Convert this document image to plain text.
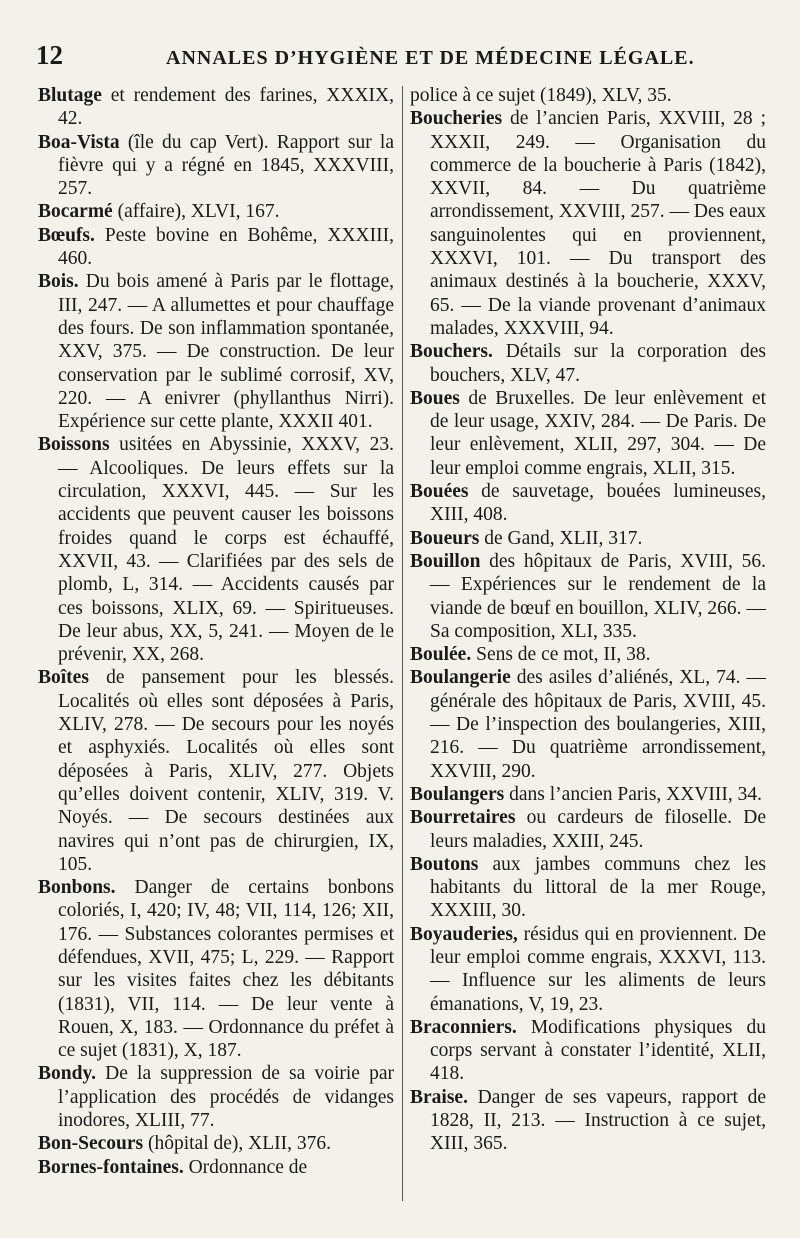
12	ANNALES D’HYGIÈNE ET DE MÉDECINE LÉGALE.

Blutage et rendement des farines, XXXIX, 42.

Boa-Vista (île du cap Vert). Rapport sur la fièvre qui y a régné en 1845, XXXVIII, 257.

Bocarmé (affaire), XLVI, 167.

Bœufs. Peste bovine en Bohême, XXXIII, 460.

Bois. Du bois amené à Paris par le flottage, III, 247. — A allumettes et pour chauffage des fours. De son inflammation spontanée, XXV, 375. — De construction. De leur conservation par le sublimé corrosif, XV, 220. — A enivrer (phyllanthus Nirri). Expérience sur cette plante, XXXII 401.

Boissons usitées en Abyssinie, XXXV, 23. — Alcooliques. De leurs effets sur la circulation, XXXVI, 445. — Sur les accidents que peuvent causer les boissons froides quand le corps est échauffé, XXVII, 43. — Clarifiées par des sels de plomb, L, 314. — Accidents causés par ces boissons, XLIX, 69. — Spiritueuses. De leur abus, XX, 5, 241. — Moyen de le prévenir, XX, 268.

Boîtes de pansement pour les blessés. Localités où elles sont déposées à Paris, XLIV, 278. — De secours pour les noyés et asphyxiés. Localités où elles sont déposées à Paris, XLIV, 277. Objets qu’elles doivent contenir, XLIV, 319. V. Noyés. — De secours destinées aux navires qui n’ont pas de chirurgien, IX, 105.

Bonbons. Danger de certains bonbons coloriés, I, 420; IV, 48; VII, 114, 126; XII, 176. — Substances colorantes permises et défendues, XVII, 475; L, 229. — Rapport sur les visites faites chez les débitants (1831), VII, 114. — De leur vente à Rouen, X, 183. — Ordonnance du préfet à ce sujet (1831), X, 187.

Bondy. De la suppression de sa voirie par l’application des procédés de vidanges inodores, XLIII, 77.

Bon-Secours (hôpital de), XLII, 376.

Bornes-fontaines. Ordonnance de

police à ce sujet (1849), XLV, 35.

Boucheries de l’ancien Paris, XXVIII, 28 ; XXXII, 249. — Organisation du commerce de la boucherie à Paris (1842), XXVII, 84. — Du quatrième arrondissement, XXVIII, 257. — Des eaux sanguinolentes qui en proviennent, XXXVI, 101. — Du transport des animaux destinés à la boucherie, XXXV, 65. — De la viande provenant d’animaux malades, XXXVIII, 94.

Bouchers. Détails sur la corporation des bouchers, XLV, 47.

Boues de Bruxelles. De leur enlèvement et de leur usage, XXIV, 284. — De Paris. De leur enlèvement, XLII, 297, 304. — De leur emploi comme engrais, XLII, 315.

Bouées de sauvetage, bouées lumineuses, XIII, 408.

Boueurs de Gand, XLII, 317.

Bouillon des hôpitaux de Paris, XVIII, 56. — Expériences sur le rendement de la viande de bœuf en bouillon, XLIV, 266. — Sa composition, XLI, 335.

Boulée. Sens de ce mot, II, 38.

Boulangerie des asiles d’aliénés, XL, 74. — générale des hôpitaux de Paris, XVIII, 45. — De l’inspection des boulangeries, XIII, 216. — Du quatrième arrondissement, XXVIII, 290.

Boulangers dans l’ancien Paris, XXVIII, 34.

Bourretaires ou cardeurs de filoselle. De leurs maladies, XXIII, 245.

Boutons aux jambes communs chez les habitants du littoral de la mer Rouge, XXXIII, 30.

Boyauderies, résidus qui en proviennent. De leur emploi comme engrais, XXXVI, 113. — Influence sur les aliments de leurs émanations, V, 19, 23.

Braconniers. Modifications physiques du corps servant à constater l’identité, XLII, 418.

Braise. Danger de ses vapeurs, rapport de 1828, II, 213. — Instruction à ce sujet, XIII, 365.
